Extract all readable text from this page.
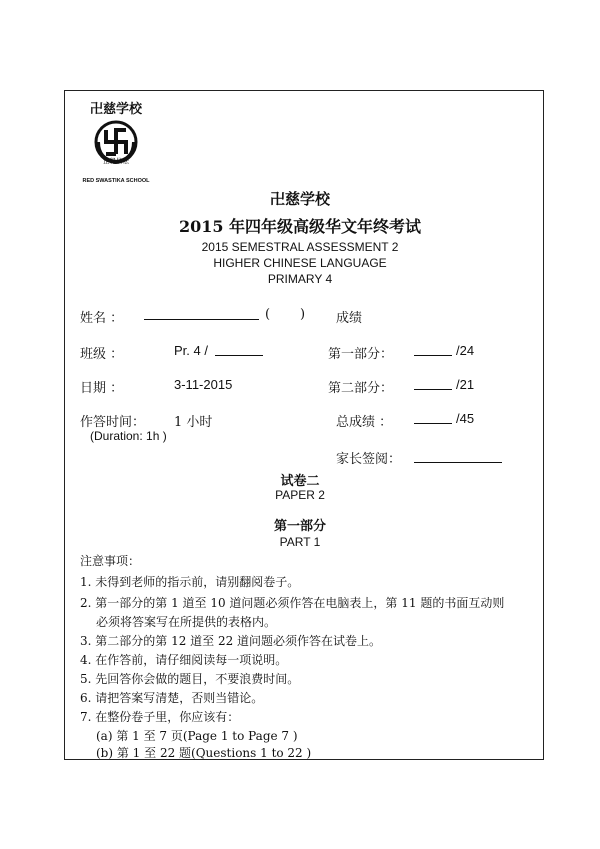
卍慈学校
正覺信祛
RED SWASTIKA SCHOOL
卍慈学校
2015 年四年级高级华文年终考试
2015 SEMESTRAL ASSESSMENT 2
HIGHER CHINESE LANGUAGE
PRIMARY 4
姓名 ：	( ) 成绩
班级 ：	Pr. 4 /	第一部分：	/24
日期 ：	3-11-2015	第二部分：	/21
作答时间： 1 小时	总成绩 ：	/45
(Duration: 1h )
家长签阅：
试卷二
PAPER 2
第一部分
PART 1
注意事项：
1. 未得到老师的指示前，请别翻阅卷子。
2. 第一部分的第 1 道至 10 道问题必须作答在电脑表上，第 11 题的书面互动则
必须将答案写在所提供的表格内。
3. 第二部分的第 12 道至 22 道问题必须作答在试卷上。
4. 在作答前，请仔细阅读每一项说明。
5. 先回答你会做的题目，不要浪费时间。
6. 请把答案写清楚，否则当错论。
7. 在整份卷子里，你应该有：
(a) 第 1 至 7 页(Page 1 to Page 7 )
(b) 第 1 至 22 题(Questions 1 to 22 )
